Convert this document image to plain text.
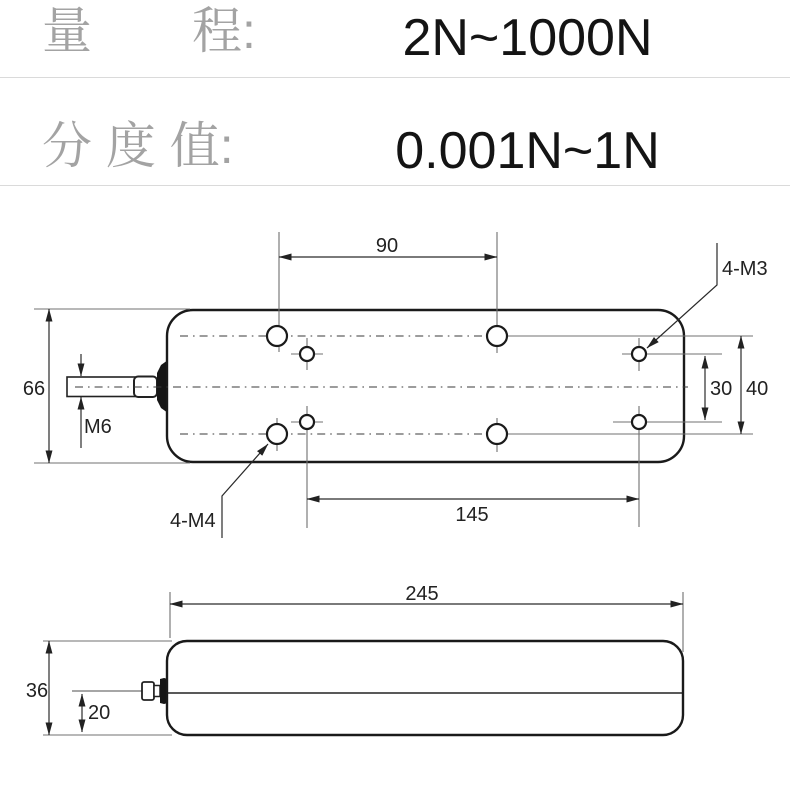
量　　程:	2N~1000N
分 度 值:	0.001N~1N
90
66
M6
4-M3
4-M4
30 40
145
245
36
20
